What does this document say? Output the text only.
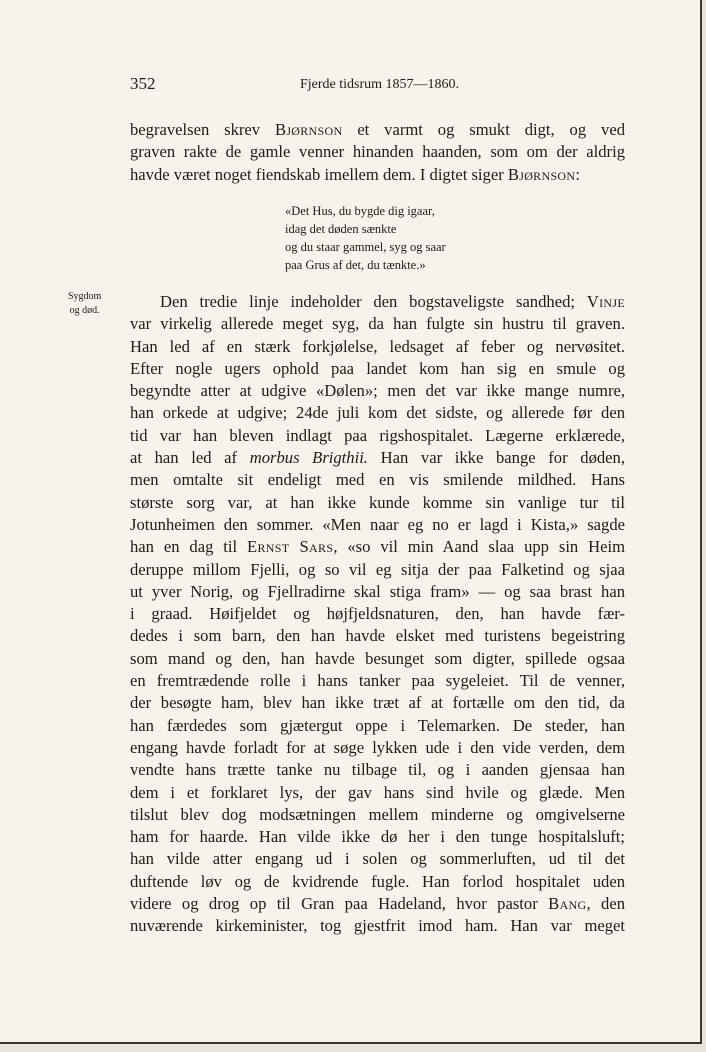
352	Fjerde tidsrum 1857—1860.
begravelsen skrev Bjørnson et varmt og smukt digt, og ved
graven rakte de gamle venner hinanden haanden, som om der aldrig
havde været noget fiendskab imellem dem. I digtet siger Bjørnson:
«Det Hus, du bygde dig igaar,
idag det døden sænkte
og du staar gammel, syg og saar
paa Grus af det, du tænkte.»
Sygdom
og død.	Den tredie linje indeholder den bogstaveligste sandhed; Vinje
var virkelig allerede meget syg, da han fulgte sin hustru til graven.
Han led af en stærk forkjølelse, ledsaget af feber og nervøsitet.
Efter nogle ugers ophold paa landet kom han sig en smule og
begyndte atter at udgive «Dølen»; men det var ikke mange numre,
han orkede at udgive; 24de juli kom det sidste, og allerede før den
tid var han bleven indlagt paa rigshospitalet. Lægerne erklærede,
at han led af morbus Brigthii. Han var ikke bange for døden,
men omtalte sit endeligt med en vis smilende mildhed. Hans
største sorg var, at han ikke kunde komme sin vanlige tur til
Jotunheimen den sommer. «Men naar eg no er lagd i Kista,» sagde
han en dag til Ernst Sars, «so vil min Aand slaa upp sin Heim
deruppe millom Fjelli, og so vil eg sitja der paa Falketind og sjaa
ut yver Norig, og Fjellradirne skal stiga fram» — og saa brast han
i graad. Høifjeldet og højfjeldsnaturen, den, han havde fær-
dedes i som barn, den han havde elsket med turistens begeistring
som mand og den, han havde besunget som digter, spillede ogsaa
en fremtrædende rolle i hans tanker paa sygeleiet. Til de venner,
der besøgte ham, blev han ikke træt af at fortælle om den tid, da
han færdedes som gjætergut oppe i Telemarken. De steder, han
engang havde forladt for at søge lykken ude i den vide verden, dem
vendte hans trætte tanke nu tilbage til, og i aanden gjensaa han
dem i et forklaret lys, der gav hans sind hvile og glæde. Men
tilslut blev dog modsætningen mellem minderne og omgivelserne
ham for haarde. Han vilde ikke dø her i den tunge hospitalsluft;
han vilde atter engang ud i solen og sommerluften, ud til det
duftende løv og de kvidrende fugle. Han forlod hospitalet uden
videre og drog op til Gran paa Hadeland, hvor pastor Bang, den
nuværende kirkeminister, tog gjestfrit imod ham. Han var meget
